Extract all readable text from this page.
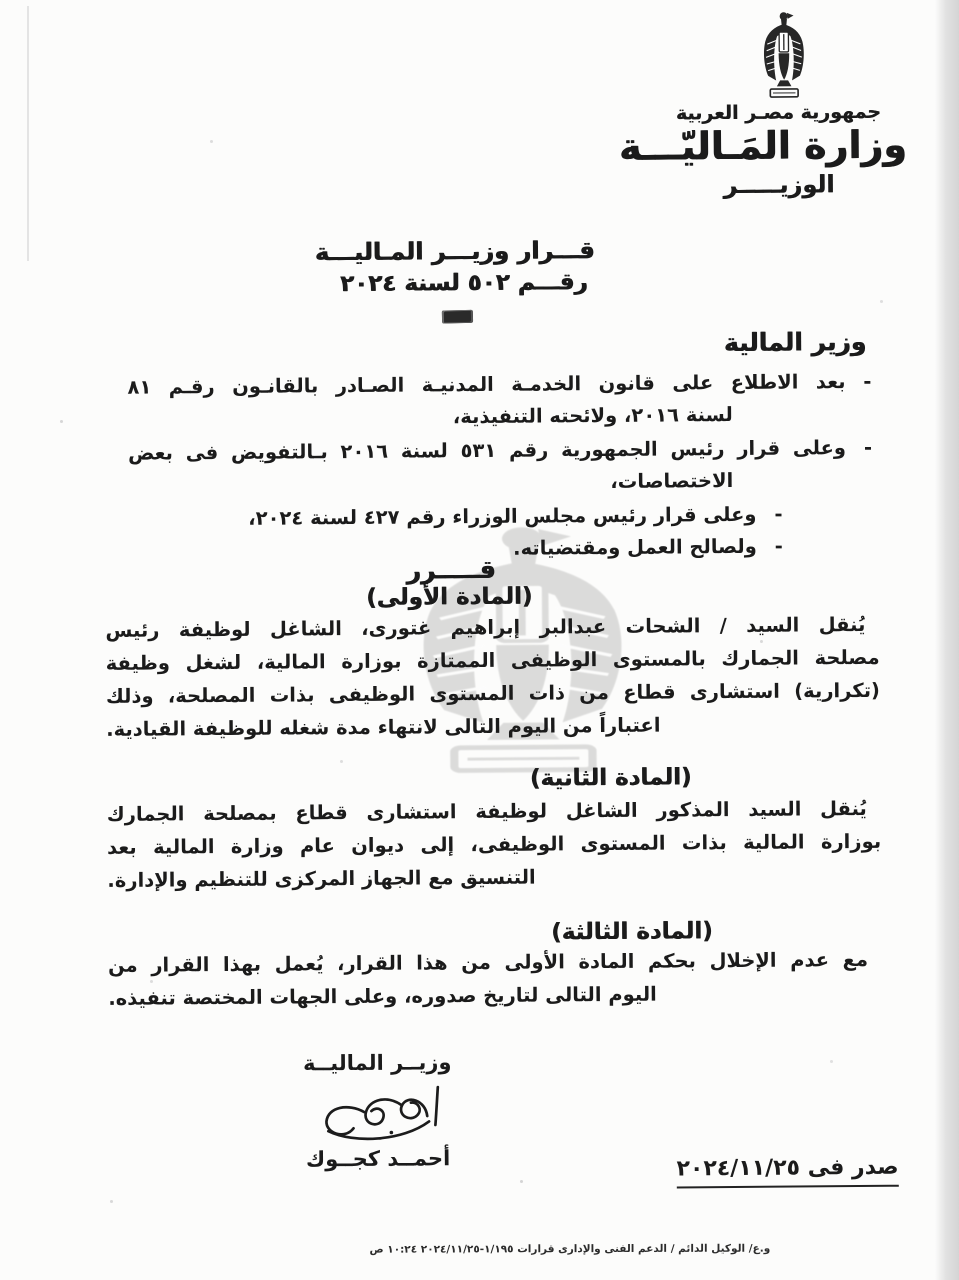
جمهورية مصـر العربية
وزارة المَـاليّـــة
الوزيـــــر
قـــرار وزيـــر المـاليـــة
رقـــم ٥٠٢ لسنة ٢٠٢٤
وزير المالية
-
بعد الاطلاع على قانون الخدمـة المدنيـة الصـادر بالقانـون رقـم ٨١
لسنة ٢٠١٦، ولائحته التنفيذية،
-
وعلى قرار رئيس الجمهورية رقم ٥٣١ لسنة ٢٠١٦ بـالتفويض فى بعض
الاختصاصات،
-
وعلى قرار رئيس مجلس الوزراء رقم ٤٢٧ لسنة ٢٠٢٤،
-
ولصالح العمل ومقتضياته.
قـــــرر
(المادة الأولى)
يُنقل السيد / الشحات عبدالبر إبراهيم غتورى، الشاغل لوظيفة رئيس
مصلحة الجمارك بالمستوى الوظيفى الممتازة بوزارة المالية، لشغل وظيفة
(تكرارية) استشارى قطاع من ذات المستوى الوظيفى بذات المصلحة، وذلك
اعتباراً من اليوم التالى لانتهاء مدة شغله للوظيفة القيادية.
(المادة الثانية)
يُنقل السيد المذكور الشاغل لوظيفة استشارى قطاع بمصلحة الجمارك
بوزارة المالية بذات المستوى الوظيفى، إلى ديوان عام وزارة المالية بعد
التنسيق مع الجهاز المركزى للتنظيم والإدارة.
(المادة الثالثة)
مع عدم الإخلال بحكم المادة الأولى من هذا القرار، يُعمل بهذا القرار من
اليوم التالى لتاريخ صدوره، وعلى الجهات المختصة تنفيذه.
وزيــر الماليــة
أحمــد كجــوك	صدر فى ٢٠٢٤/١١/٢٥
و.ع/ الوكيل الدائم / الدعم الفنى والإدارى قرارات ١/١٩٥-٢٠٢٤/١١/٢٥ ١٠:٢٤ ص
